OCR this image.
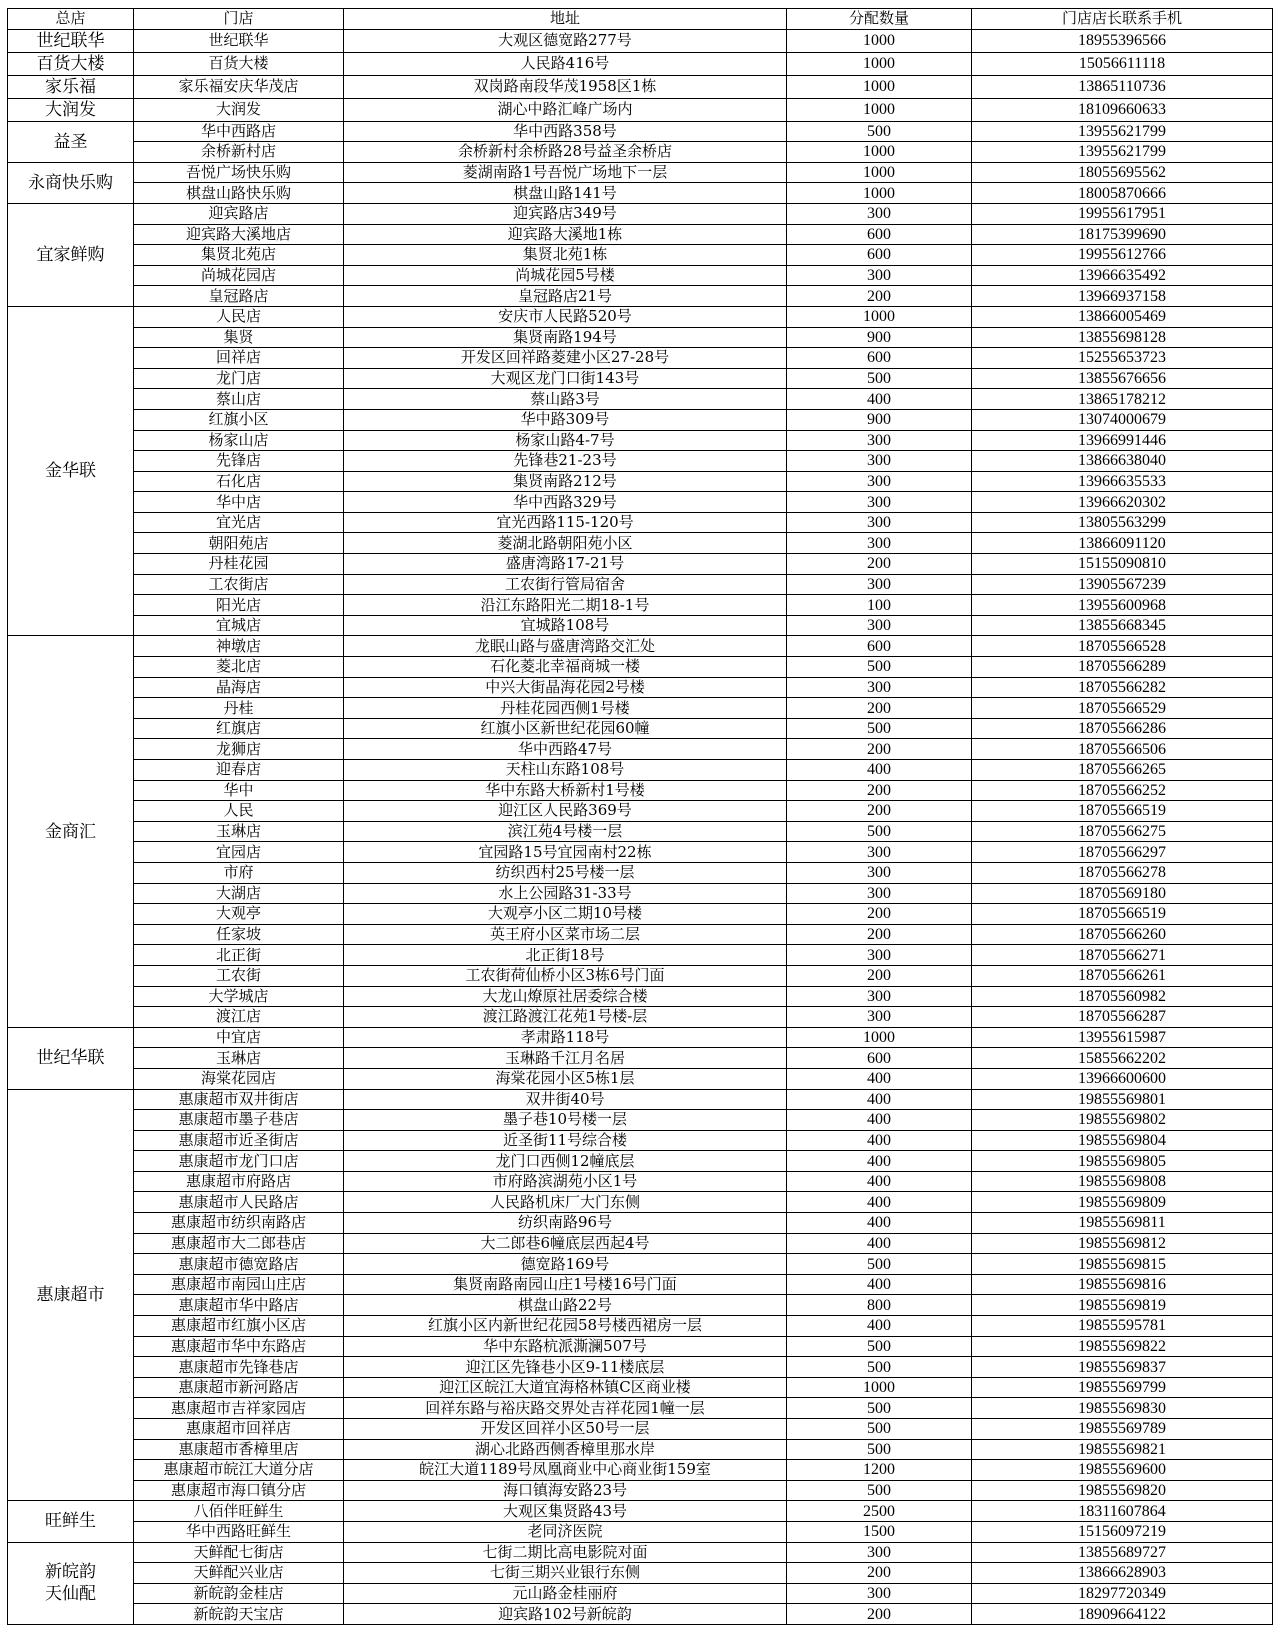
总店	门店	地址	分配数量	门店店长联系手机
世纪联华	世纪联华	大观区德宽路277号	1000	18955396566
百货大楼	百货大楼	人民路416号	1000	15056611118
家乐福	家乐福安庆华茂店	双岗路南段华茂1958区1栋	1000	13865110736
大润发	大润发	湖心中路汇峰广场内	1000	18109660633
益圣	华中西路店	华中西路358号	500	13955621799
	余桥新村店	余桥新村余桥路28号益圣余桥店	1000	13955621799
永商快乐购	吾悦广场快乐购	菱湖南路1号吾悦广场地下一层	1000	18055695562
	棋盘山路快乐购	棋盘山路141号	1000	18005870666
宜家鲜购	迎宾路店	迎宾路店349号	300	19955617951
	迎宾路大溪地店	迎宾路大溪地1栋	600	18175399690
	集贤北苑店	集贤北苑1栋	600	19955612766
	尚城花园店	尚城花园5号楼	300	13966635492
	皇冠路店	皇冠路店21号	200	13966937158
金华联	人民店	安庆市人民路520号	1000	13866005469
	集贤	集贤南路194号	900	13855698128
	回祥店	开发区回祥路菱建小区27-28号	600	15255653723
	龙门店	大观区龙门口街143号	500	13855676656
	蔡山店	蔡山路3号	400	13865178212
	红旗小区	华中路309号	900	13074000679
	杨家山店	杨家山路4-7号	300	13966991446
	先锋店	先锋巷21-23号	300	13866638040
	石化店	集贤南路212号	300	13966635533
	华中店	华中西路329号	300	13966620302
	宜光店	宜光西路115-120号	300	13805563299
	朝阳苑店	菱湖北路朝阳苑小区	300	13866091120
	丹桂花园	盛唐湾路17-21号	200	15155090810
	工农街店	工农街行管局宿舍	300	13905567239
	阳光店	沿江东路阳光二期18-1号	100	13955600968
	宜城店	宜城路108号	300	13855668345
金商汇	神墩店	龙眠山路与盛唐湾路交汇处	600	18705566528
	菱北店	石化菱北幸福商城一楼	500	18705566289
	晶海店	中兴大街晶海花园2号楼	300	18705566282
	丹桂	丹桂花园西侧1号楼	200	18705566529
	红旗店	红旗小区新世纪花园60幢	500	18705566286
	龙狮店	华中西路47号	200	18705566506
	迎春店	天柱山东路108号	400	18705566265
	华中	华中东路大桥新村1号楼	200	18705566252
	人民	迎江区人民路369号	200	18705566519
	玉琳店	滨江苑4号楼一层	500	18705566275
	宜园店	宜园路15号宜园南村22栋	300	18705566297
	市府	纺织西村25号楼一层	300	18705566278
	大湖店	水上公园路31-33号	300	18705569180
	大观亭	大观亭小区二期10号楼	200	18705566519
	任家坡	英王府小区菜市场二层	200	18705566260
	北正街	北正街18号	300	18705566271
	工农街	工农街荷仙桥小区3栋6号门面	200	18705566261
	大学城店	大龙山燎原社居委综合楼	300	18705560982
	渡江店	渡江路渡江花苑1号楼-层	300	18705566287
世纪华联	中宜店	孝肃路118号	1000	13955615987
	玉琳店	玉琳路千江月名居	600	15855662202
	海棠花园店	海棠花园小区5栋1层	400	13966600600
惠康超市	惠康超市双井街店	双井街40号	400	19855569801
	惠康超市墨子巷店	墨子巷10号楼一层	400	19855569802
	惠康超市近圣街店	近圣街11号综合楼	400	19855569804
	惠康超市龙门口店	龙门口西侧12幢底层	400	19855569805
	惠康超市府路店	市府路滨湖苑小区1号	400	19855569808
	惠康超市人民路店	人民路机床厂大门东侧	400	19855569809
	惠康超市纺织南路店	纺织南路96号	400	19855569811
	惠康超市大二郎巷店	大二郎巷6幢底层西起4号	400	19855569812
	惠康超市德宽路店	德宽路169号	500	19855569815
	惠康超市南园山庄店	集贤南路南园山庄1号楼16号门面	400	19855569816
	惠康超市华中路店	棋盘山路22号	800	19855569819
	惠康超市红旗小区店	红旗小区内新世纪花园58号楼西裙房一层	400	19855595781
	惠康超市华中东路店	华中东路杭派澌澜507号	500	19855569822
	惠康超市先锋巷店	迎江区先锋巷小区9-11楼底层	500	19855569837
	惠康超市新河路店	迎江区皖江大道宜海格林镇C区商业楼	1000	19855569799
	惠康超市吉祥家园店	回祥东路与裕庆路交界处吉祥花园1幢一层	500	19855569830
	惠康超市回祥店	开发区回祥小区50号一层	500	19855569789
	惠康超市香樟里店	湖心北路西侧香樟里那水岸	500	19855569821
	惠康超市皖江大道分店	皖江大道1189号凤凰商业中心商业街159室	1200	19855569600
	惠康超市海口镇分店	海口镇海安路23号	500	19855569820
旺鲜生	八佰伴旺鲜生	大观区集贤路43号	2500	18311607864
	华中西路旺鲜生	老同济医院	1500	15156097219
新皖韵
天仙配	天鲜配七街店	七街二期比高电影院对面	300	13855689727
	天鲜配兴业店	七街三期兴业银行东侧	200	13866628903
	新皖韵金桂店	元山路金桂丽府	300	18297720349
	新皖韵天宝店	迎宾路102号新皖韵	200	18909664122
